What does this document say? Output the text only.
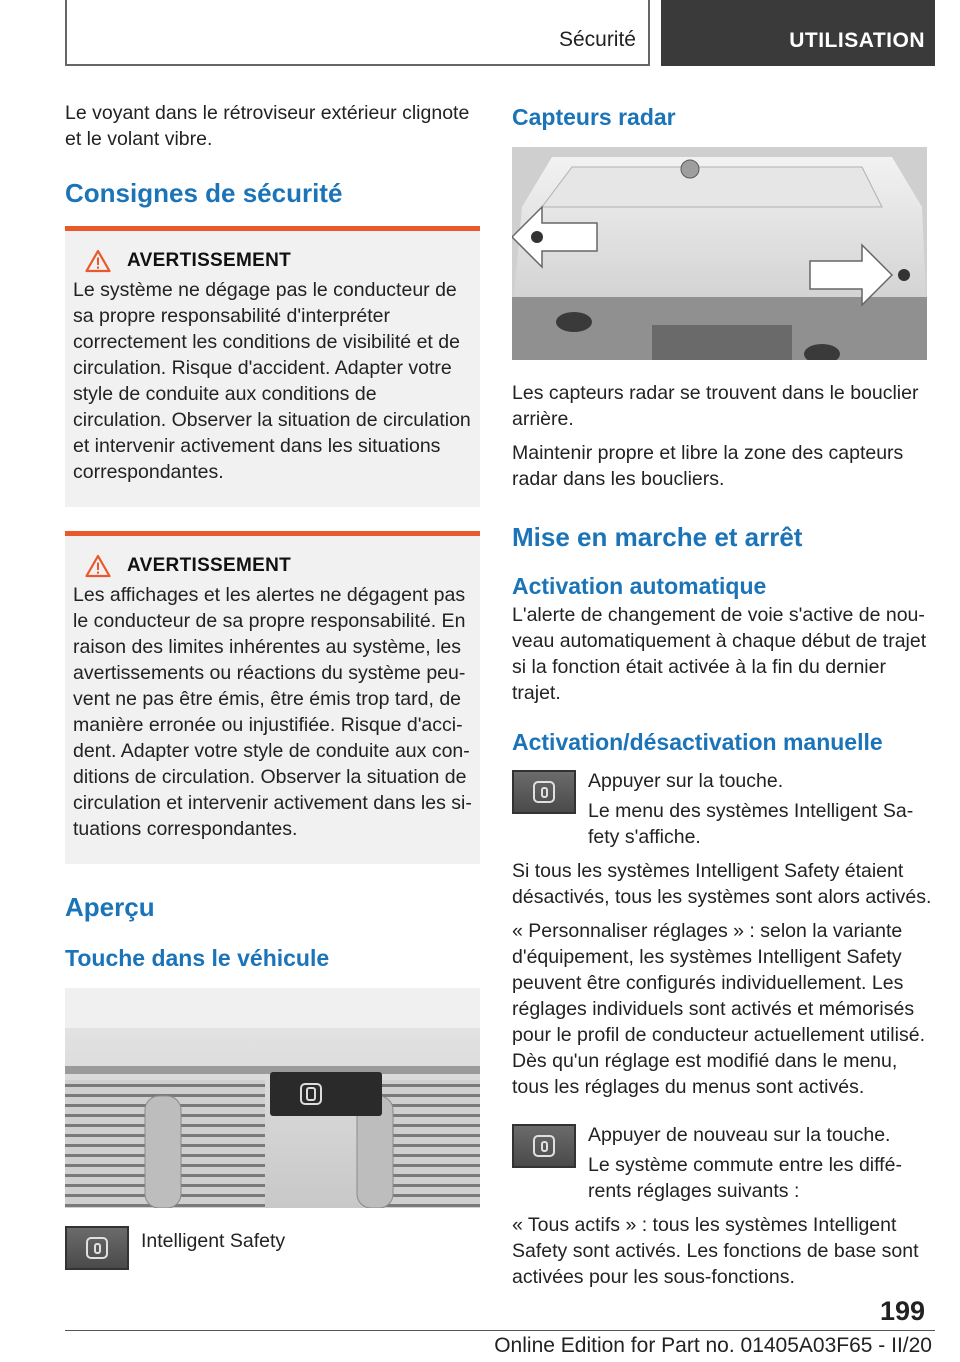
Sécurité	UTILISATION

Le voyant dans le rétroviseur extérieur clignote et le volant vibre.

Consignes de sécurité
AVERTISSEMENT

Le système ne dégage pas le conducteur de sa propre responsabilité d'interpréter correctement les conditions de visibilité et de circulation. Risque d'accident. Adapter votre style de conduite aux conditions de circulation. Observer la situation de circulation et intervenir activement dans les situations correspondantes.

AVERTISSEMENT

Les affichages et les alertes ne dégagent pas le conducteur de sa propre responsabilité. En raison des limites inhérentes au système, les avertissements ou réactions du système peuvent ne pas être émis, être émis trop tard, de manière erronée ou injustifiée. Risque d'accident. Adapter votre style de conduite aux conditions de circulation. Observer la situation de circulation et intervenir activement dans les situations correspondantes.

Aperçu
Touche dans le véhicule

Intelligent Safety

Capteurs radar

Les capteurs radar se trouvent dans le bouclier arrière.

Maintenir propre et libre la zone des capteurs radar dans les boucliers.

Mise en marche et arrêt
Activation automatique

L'alerte de changement de voie s'active de nouveau automatiquement à chaque début de trajet si la fonction était activée à la fin du dernier trajet.

Activation/désactivation manuelle

Appuyer sur la touche.

Le menu des systèmes Intelligent Safety s'affiche.

Si tous les systèmes Intelligent Safety étaient désactivés, tous les systèmes sont alors activés.

« Personnaliser réglages » : selon la variante d'équipement, les systèmes Intelligent Safety peuvent être configurés individuellement. Les réglages individuels sont activés et mémorisés pour le profil de conducteur actuellement utilisé. Dès qu'un réglage est modifié dans le menu, tous les réglages du menus sont activés.

Appuyer de nouveau sur la touche.

Le système commute entre les différents réglages suivants :

« Tous actifs » : tous les systèmes Intelligent Safety sont activés. Les fonctions de base sont activées pour les sous-fonctions.

199
Online Edition for Part no. 01405A03F65 - II/20
